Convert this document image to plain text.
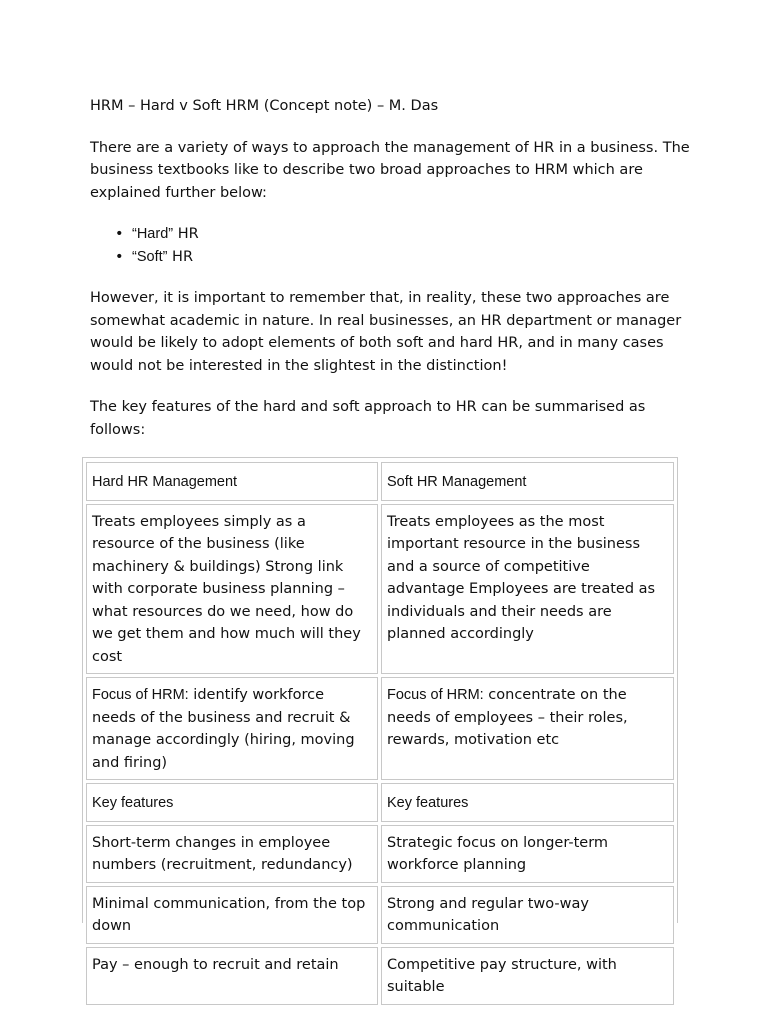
HRM – Hard v Soft HRM (Concept note) – M. Das

There are a variety of ways to approach the management of HR in a business. The business textbooks like to describe two broad approaches to HRM which are explained further below:

• “Hard” HR
• “Soft” HR

However, it is important to remember that, in reality, these two approaches are somewhat academic in nature. In real businesses, an HR department or manager would be likely to adopt elements of both soft and hard HR, and in many cases would not be interested in the slightest in the distinction!

The key features of the hard and soft approach to HR can be summarised as follows:

Hard HR Management	Soft HR Management
Treats employees simply as a resource of the business (like machinery & buildings) Strong link with corporate business planning – what resources do we need, how do we get them and how much will they cost	Treats employees as the most important resource in the business and a source of competitive advantage Employees are treated as individuals and their needs are planned accordingly
Focus of HRM: identify workforce needs of the business and recruit & manage accordingly (hiring, moving and firing)	Focus of HRM: concentrate on the needs of employees – their roles, rewards, motivation etc
Key features	Key features
Short-term changes in employee numbers (recruitment, redundancy)	Strategic focus on longer-term workforce planning
Minimal communication, from the top down	Strong and regular two-way communication
Pay – enough to recruit and retain	Competitive pay structure, with suitable
